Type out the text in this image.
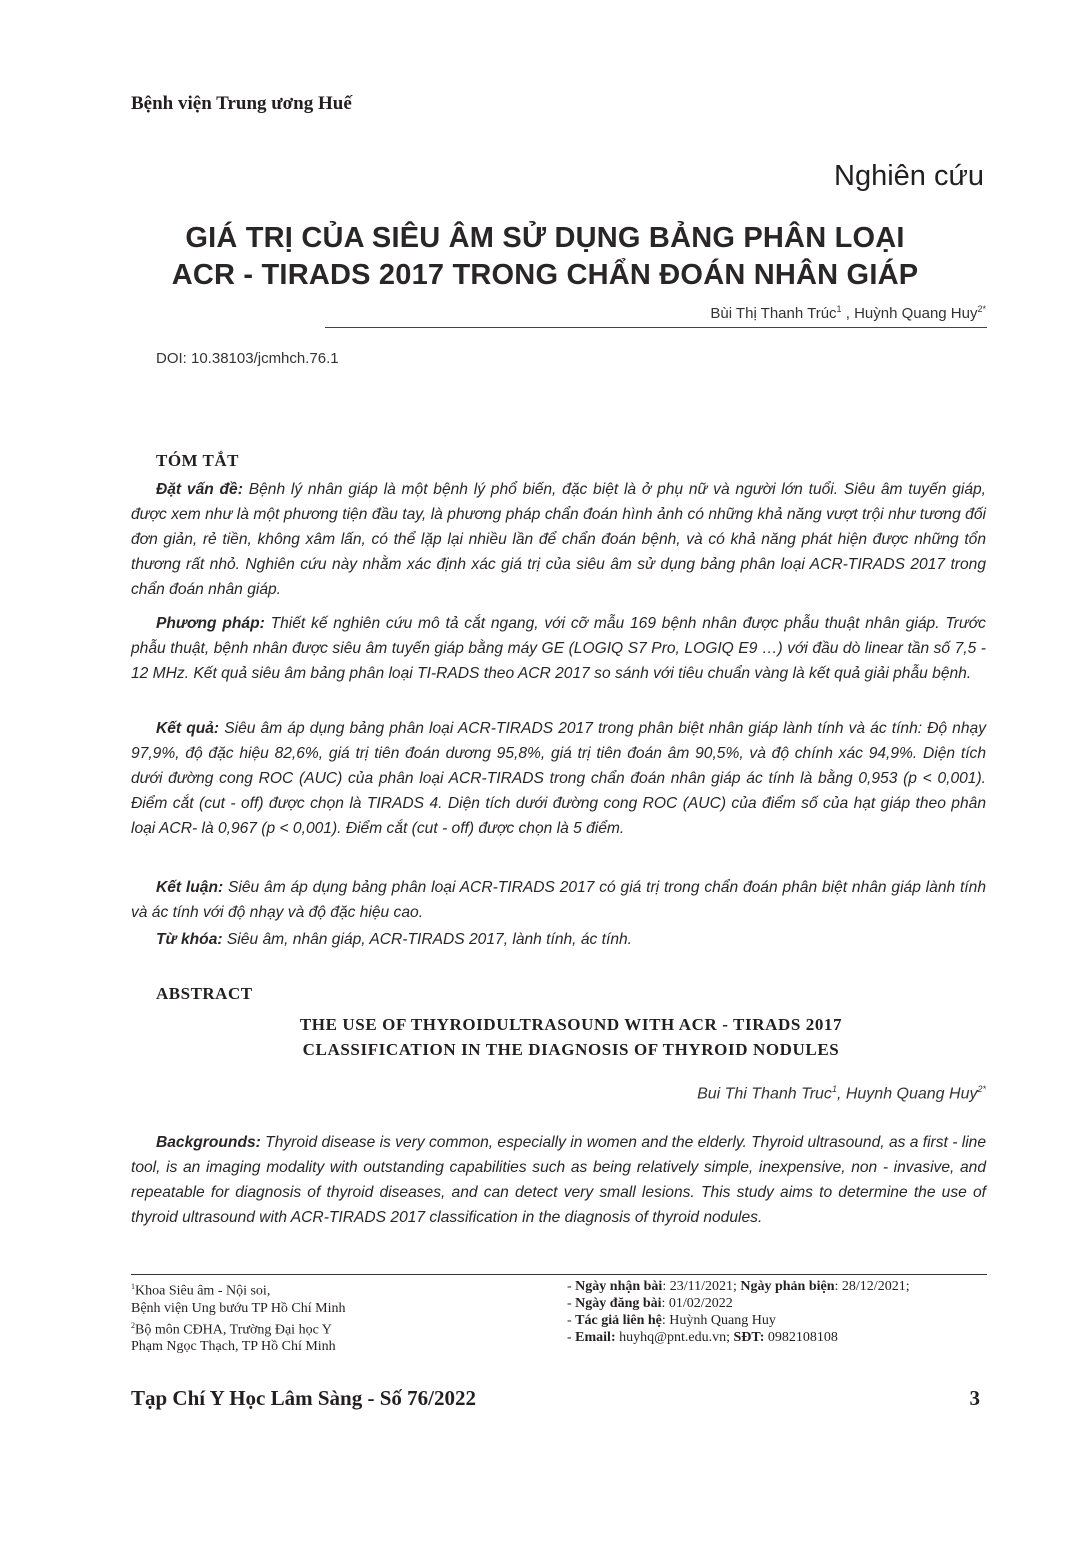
Bệnh viện Trung ương Huế
Nghiên cứu
GIÁ TRỊ CỦA SIÊU ÂM SỬ DỤNG BẢNG PHÂN LOẠI
ACR - TIRADS 2017 TRONG CHẨN ĐOÁN NHÂN GIÁP
Bùi Thị Thanh Trúc$^1$ , Huỳnh Quang Huy$^{2*}$
DOI: 10.38103/jcmhch.76.1
TÓM TẮT
Đặt vấn đề: Bệnh lý nhân giáp là một bệnh lý phổ biến, đặc biệt là ở phụ nữ và người lớn tuổi. Siêu âm tuyến giáp, được xem như là một phương tiện đầu tay, là phương pháp chẩn đoán hình ảnh có những khả năng vượt trội như tương đối đơn giản, rẻ tiền, không xâm lấn, có thể lặp lại nhiều lần để chẩn đoán bệnh, và có khả năng phát hiện được những tổn thương rất nhỏ. Nghiên cứu này nhằm xác định xác giá trị của siêu âm sử dụng bảng phân loại ACR-TIRADS 2017 trong chẩn đoán nhân giáp.
Phương pháp: Thiết kế nghiên cứu mô tả cắt ngang, với cỡ mẫu 169 bệnh nhân được phẫu thuật nhân giáp. Trước phẫu thuật, bệnh nhân được siêu âm tuyến giáp bằng máy GE (LOGIQ S7 Pro, LOGIQ E9 …) với đầu dò linear tần số 7,5 - 12 MHz. Kết quả siêu âm bảng phân loại TI-RADS theo ACR 2017 so sánh với tiêu chuẩn vàng là kết quả giải phẫu bệnh.
Kết quả: Siêu âm áp dụng bảng phân loại ACR-TIRADS 2017 trong phân biệt nhân giáp lành tính và ác tính: Độ nhạy 97,9%, độ đặc hiệu 82,6%, giá trị tiên đoán dương 95,8%, giá trị tiên đoán âm 90,5%, và độ chính xác 94,9%. Diện tích dưới đường cong ROC (AUC) của phân loại ACR-TIRADS trong chẩn đoán nhân giáp ác tính là bằng 0,953 (p < 0,001). Điểm cắt (cut - off) được chọn là TIRADS 4. Diện tích dưới đường cong ROC (AUC) của điểm số của hạt giáp theo phân loại ACR- là 0,967 (p < 0,001). Điểm cắt (cut - off) được chọn là 5 điểm.
Kết luận: Siêu âm áp dụng bảng phân loại ACR-TIRADS 2017 có giá trị trong chẩn đoán phân biệt nhân giáp lành tính và ác tính với độ nhạy và độ đặc hiệu cao.
Từ khóa: Siêu âm, nhân giáp, ACR-TIRADS 2017, lành tính, ác tính.
ABSTRACT
THE USE OF THYROIDULTRASOUND WITH ACR - TIRADS 2017
CLASSIFICATION IN THE DIAGNOSIS OF THYROID NODULES
Bui Thi Thanh Truc$^1$, Huynh Quang Huy$^{2*}$
Backgrounds: Thyroid disease is very common, especially in women and the elderly. Thyroid ultrasound, as a first - line tool, is an imaging modality with outstanding capabilities such as being relatively simple, inexpensive, non - invasive, and repeatable for diagnosis of thyroid diseases, and can detect very small lesions. This study aims to determine the use of thyroid ultrasound with ACR-TIRADS 2017 classification in the diagnosis of thyroid nodules.
$^1$Khoa Siêu âm - Nội soi,
Bệnh viện Ung bướu TP Hồ Chí Minh
$^2$Bộ môn CĐHA, Trường Đại học Y
Phạm Ngọc Thạch, TP Hồ Chí Minh
- Ngày nhận bài: 23/11/2021; Ngày phản biện: 28/12/2021;
- Ngày đăng bài: 01/02/2022
- Tác giả liên hệ: Huỳnh Quang Huy
- Email: huyhq@pnt.edu.vn; SĐT: 0982108108
Tạp Chí Y Học Lâm Sàng - Số 76/2022	3
